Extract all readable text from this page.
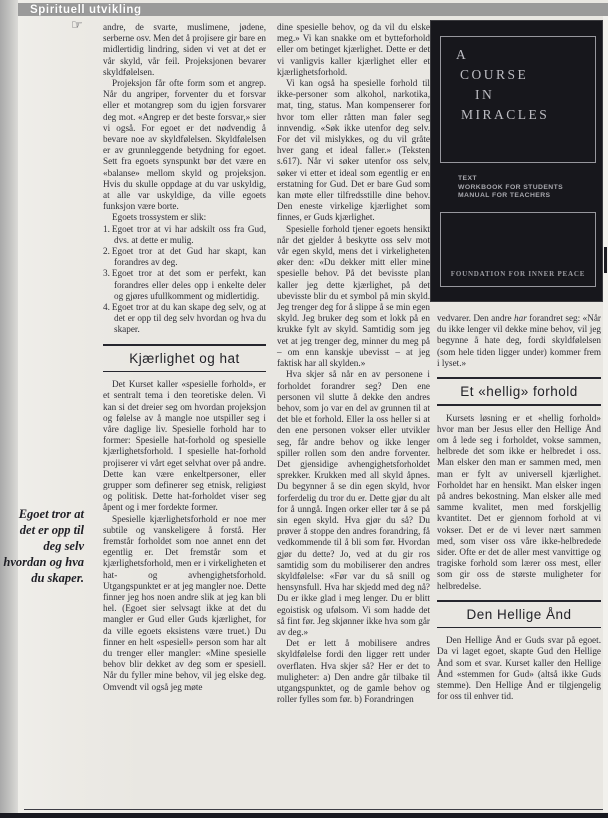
Spirituell utvikling
☞
Egoet tror at det er opp til deg selv hvordan og hva du skaper.

andre, de svarte, muslimene, jødene, serberne osv. Men det å projisere gir bare en midlertidig lindring, siden vi vet at det er vår skyld, vår feil. Projeksjonen bevarer skyldfølelsen.

Projeksjon får ofte form som et angrep. Når du angriper, forventer du et forsvar eller et motangrep som du igjen forsvarer deg mot. «Angrep er det beste forsvar,» sier vi også. For egoet er det nødvendig å bevare noe av skyldfølelsen. Skyldfølelsen er av grunnleggende betydning for egoet. Sett fra egoets synspunkt bør det være en «balanse» mellom skyld og projeksjon. Hvis du skulle oppdage at du var uskyldig, at alle var uskyldige, da ville egoets funksjon være borte.

Egoets trossystem er slik:

1. Egoet tror at vi har adskilt oss fra Gud, dvs. at dette er mulig.
2. Egoet tror at det Gud har skapt, kan forandres av deg.
3. Egoet tror at det som er perfekt, kan forandres eller deles opp i enkelte deler og gjøres ufullkomment og midlertidig.
4. Egoet tror at du kan skape deg selv, og at det er opp til deg selv hvordan og hva du skaper.
Kjærlighet og hat

Det Kurset kaller «spesielle forhold», er et sentralt tema i den teoretiske delen. Vi kan si det dreier seg om hvordan projeksjon og følelse av å mangle noe utspiller seg i våre daglige liv. Spesielle forhold har to former: Spesielle hat-forhold og spesielle kjærlighetsforhold. I spesielle hat-forhold projiserer vi vårt eget selvhat over på andre. Dette kan være enkeltpersoner, eller grupper som definerer seg etnisk, religiøst og politisk. Dette hat-forholdet viser seg åpent og i mer fordekte former.

Spesielle kjærlighetsforhold er noe mer subtile og vanskeligere å forstå. Her fremstår forholdet som noe annet enn det egentlig er. Det fremstår som et kjærlighetsforhold, men er i virkeligheten et hat- og avhengighetsforhold. Utgangspunktet er at jeg mangler noe. Dette finner jeg hos noen andre slik at jeg kan bli hel. (Egoet sier selvsagt ikke at det du mangler er Gud eller Guds kjærlighet, for da ville egoets eksistens være truet.) Du finner en helt «spesiell» person som har alt du trenger eller mangler: «Mine spesielle behov blir dekket av deg som er spesiell. Når du fyller mine behov, vil jeg elske deg. Omvendt vil også jeg møte

dine spesielle behov, og da vil du elske meg.» Vi kan snakke om et bytteforhold eller om betinget kjærlighet. Dette er det vi vanligvis kaller kjærlighet eller et kjærlighetsforhold.

Vi kan også ha spesielle forhold til ikke-personer som alkohol, narkotika, mat, ting, status. Man kompenserer for hvor tom eller råtten man føler seg innvendig. «Søk ikke utenfor deg selv. For det vil mislykkes, og du vil gråte hver gang et ideal faller.» (Teksten s.617). Når vi søker utenfor oss selv, søker vi etter et ideal som egentlig er en erstatning for Gud. Det er bare Gud som kan møte eller tilfredsstille dine behov. Den eneste virkelige kjærlighet som finnes, er Guds kjærlighet.

Spesielle forhold tjener egoets hensikt når det gjelder å beskytte oss selv mot vår egen skyld, mens det i virkeligheten øker den: «Du dekker mitt eller mine spesielle behov. På det bevisste plan kaller jeg dette kjærlighet, på det ubevisste blir du et symbol på min skyld. Jeg trenger deg for å slippe å se min egen skyld. Jeg bruker deg som et lokk på en krukke fylt av skyld. Samtidig som jeg vet at jeg trenger deg, minner du meg på – om enn kanskje ubevisst – at jeg faktisk har all skylden.»

Hva skjer så når en av personene i forholdet forandrer seg? Den ene personen vil slutte å dekke den andres behov, som jo var en del av grunnen til at det ble et forhold. Eller la oss heller si at den ene personen vokser eller utvikler seg, får andre behov og ikke lenger spiller rollen som den andre forventer. Det gjensidige avhengighetsforholdet sprekker. Krukken med all skyld åpnes. Du begynner å se din egen skyld, hvor forferdelig du tror du er. Dette gjør du alt for å unngå. Ingen orker eller tør å se på sin egen skyld. Hva gjør du så? Du prøver å stoppe den andres forandring, få vedkommende til å bli som før. Hvordan gjør du dette? Jo, ved at du gir ros samtidig som du mobiliserer den andres skyldfølelse: «Før var du så snill og hensynsfull. Hva har skjedd med deg nå? Du er ikke glad i meg lenger. Du er blitt egoistisk og ufølsom. Vi som hadde det så fint før. Jeg skjønner ikke hva som går av deg.»

Det er lett å mobilisere andres skyldfølelse fordi den ligger rett under overflaten. Hva skjer så? Her er det to muligheter: a) Den andre går tilbake til utgangspunktet, og de gamle behov og roller fylles som før. b) Forandringen

A
COURSE
IN
MIRACLES
TEXT
WORKBOOK FOR STUDENTS
MANUAL FOR TEACHERS
FOUNDATION FOR INNER PEACE

vedvarer. Den andre har forandret seg: «Når du ikke lenger vil dekke mine behov, vil jeg begynne å hate deg, fordi skyldfølelsen (som hele tiden ligger under) kommer frem i lyset.»

Et «hellig» forhold

Kursets løsning er et «hellig forhold» hvor man ber Jesus eller den Hellige Ånd om å lede seg i forholdet, vokse sammen, helbrede det som ikke er helbredet i oss. Man elsker den man er sammen med, men man er fylt av universell kjærlighet. Forholdet har en hensikt. Man elsker ingen på andres bekostning. Man elsker alle med samme kvalitet, men med forskjellig kvantitet. Det er gjennom forhold at vi vokser. Det er de vi lever nært sammen med, som viser oss våre ikke-helbredede sider. Ofte er det de aller mest vanvittige og tragiske forhold som lærer oss mest, eller som gir oss de største muligheter for helbredelse.

Den Hellige Ånd

Den Hellige Ånd er Guds svar på egoet. Da vi laget egoet, skapte Gud den Hellige Ånd som et svar. Kurset kaller den Hellige Ånd «stemmen for Gud» (altså ikke Guds stemme). Den Hellige Ånd er tilgjengelig for oss til enhver tid.
